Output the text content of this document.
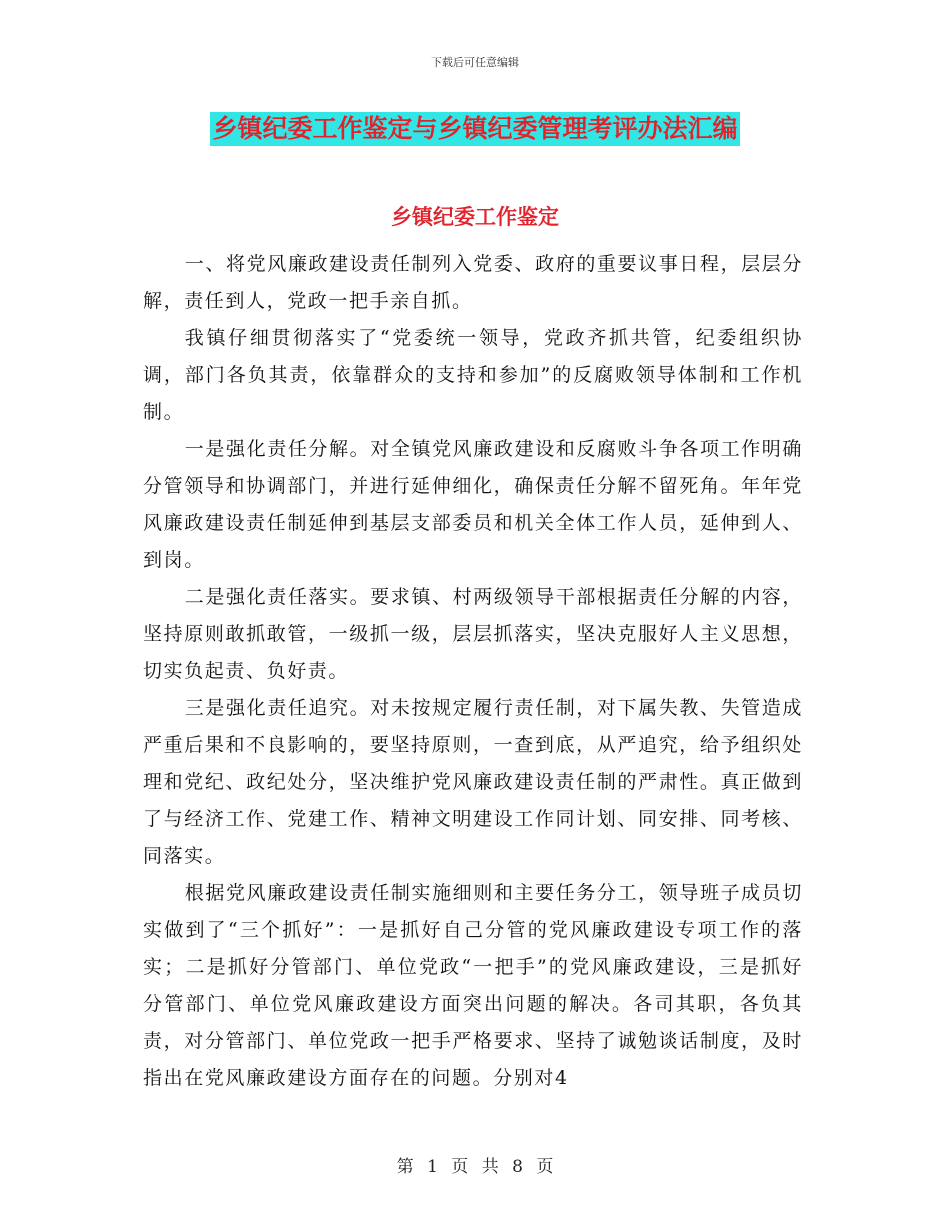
下载后可任意编辑
乡镇纪委工作鉴定与乡镇纪委管理考评办法汇编
乡镇纪委工作鉴定

一、将党风廉政建设责任制列入党委、政府的重要议事日程，层层分解，责任到人，党政一把手亲自抓。

我镇仔细贯彻落实了“党委统一领导，党政齐抓共管，纪委组织协调，部门各负其责，依靠群众的支持和参加”的反腐败领导体制和工作机制。

一是强化责任分解。对全镇党风廉政建设和反腐败斗争各项工作明确分管领导和协调部门，并进行延伸细化，确保责任分解不留死角。年年党风廉政建设责任制延伸到基层支部委员和机关全体工作人员，延伸到人、到岗。

二是强化责任落实。要求镇、村两级领导干部根据责任分解的内容，坚持原则敢抓敢管，一级抓一级，层层抓落实，坚决克服好人主义思想，切实负起责、负好责。

三是强化责任追究。对未按规定履行责任制，对下属失教、失管造成严重后果和不良影响的，要坚持原则，一查到底，从严追究，给予组织处理和党纪、政纪处分，坚决维护党风廉政建设责任制的严肃性。真正做到了与经济工作、党建工作、精神文明建设工作同计划、同安排、同考核、同落实。

根据党风廉政建设责任制实施细则和主要任务分工，领导班子成员切实做到了“三个抓好”：一是抓好自己分管的党风廉政建设专项工作的落实；二是抓好分管部门、单位党政“一把手”的党风廉政建设，三是抓好分管部门、单位党风廉政建设方面突出问题的解决。各司其职，各负其责，对分管部门、单位党政一把手严格要求、坚持了诚勉谈话制度，及时指出在党风廉政建设方面存在的问题。分别对4

第 1 页 共 8 页
